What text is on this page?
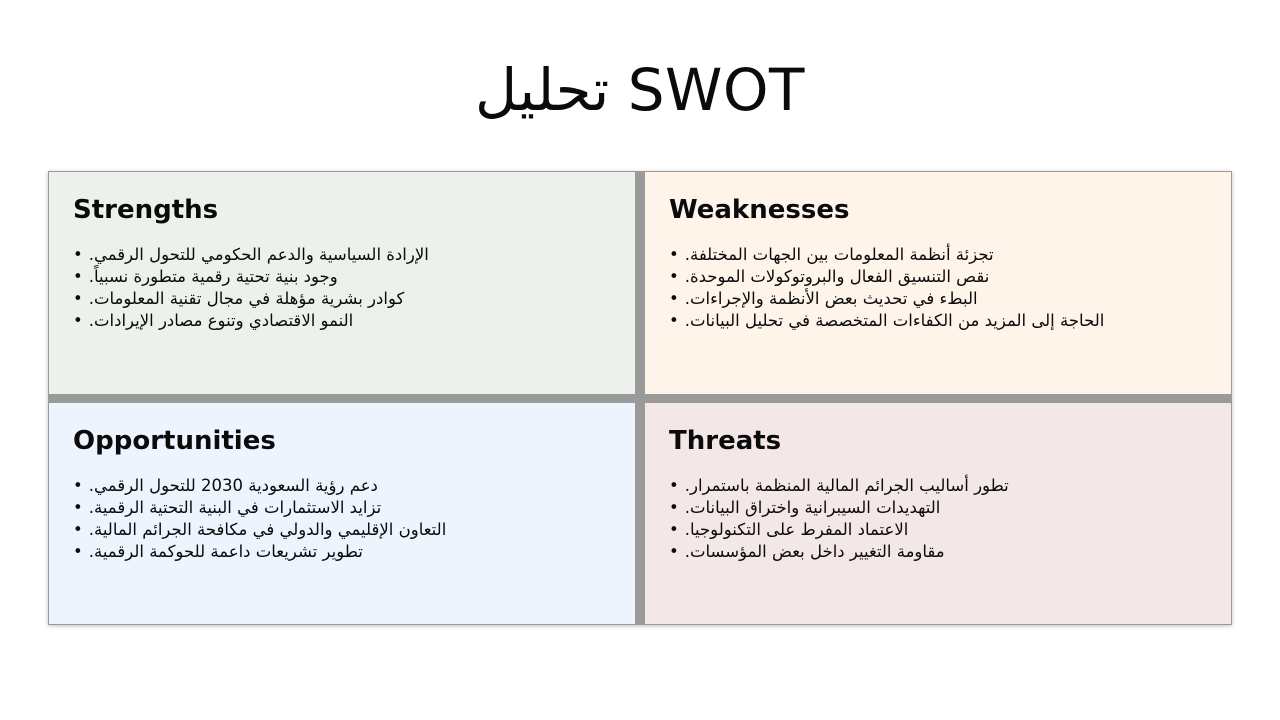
تحليل SWOT
Strengths
• الإرادة السياسية والدعم الحكومي للتحول الرقمي.
• وجود بنية تحتية رقمية متطورة نسبياً.
• كوادر بشرية مؤهلة في مجال تقنية المعلومات.
• النمو الاقتصادي وتنوع مصادر الإيرادات.
Weaknesses
• تجزئة أنظمة المعلومات بين الجهات المختلفة.
• نقص التنسيق الفعال والبروتوكولات الموحدة.
• البطء في تحديث بعض الأنظمة والإجراءات.
• الحاجة إلى المزيد من الكفاءات المتخصصة في تحليل البيانات.
Opportunities
• دعم رؤية السعودية 2030 للتحول الرقمي.
• تزايد الاستثمارات في البنية التحتية الرقمية.
• التعاون الإقليمي والدولي في مكافحة الجرائم المالية.
• تطوير تشريعات داعمة للحوكمة الرقمية.
Threats
• تطور أساليب الجرائم المالية المنظمة باستمرار.
• التهديدات السيبرانية واختراق البيانات.
• الاعتماد المفرط على التكنولوجيا.
• مقاومة التغيير داخل بعض المؤسسات.
